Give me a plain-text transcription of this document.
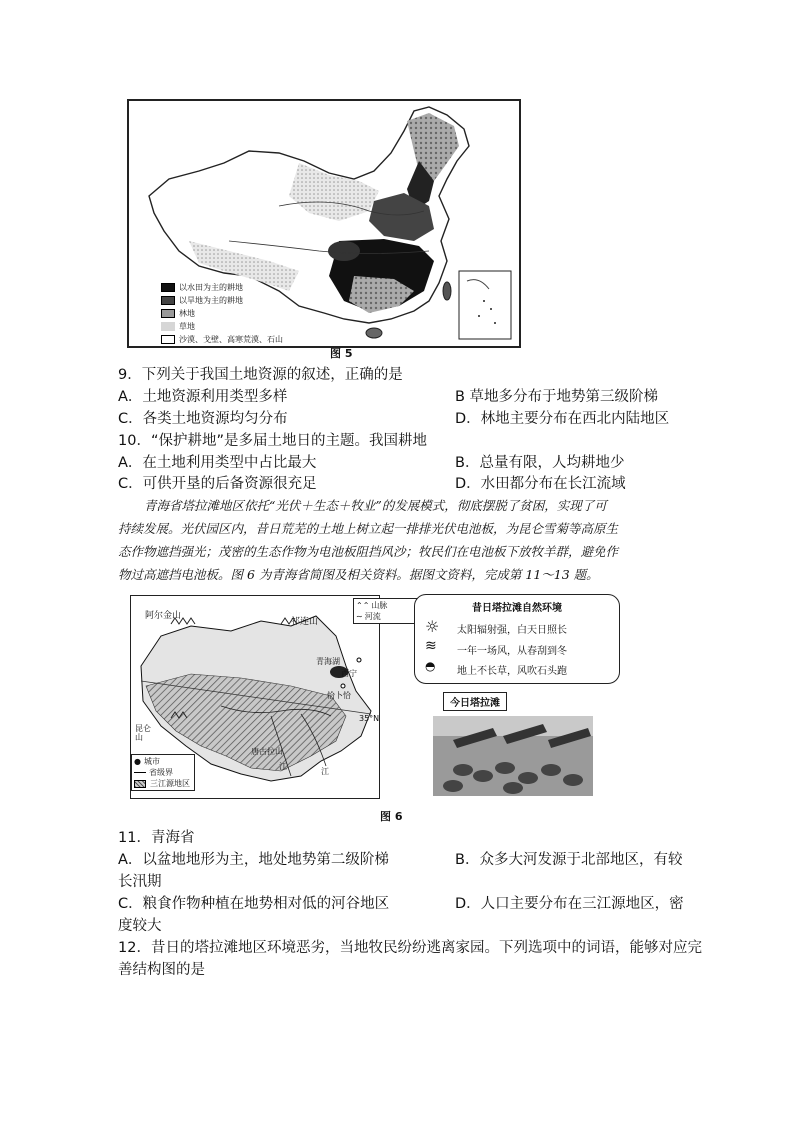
以水田为主的耕地
以旱地为主的耕地
林地
草地
沙漠、戈壁、高寒荒漠、石山
图 5
9．下列关于我国土地资源的叙述，正确的是
A．土地资源利用类型多样	B 草地多分布于地势第三级阶梯
C．各类土地资源均匀分布	D．林地主要分布在西北内陆地区
10．“保护耕地”是多届土地日的主题。我国耕地
A．在土地利用类型中占比最大	B．总量有限，人均耕地少
C．可供开垦的后备资源很充足	D．水田都分布在长江流域
青海省塔拉滩地区依托“光伏＋生态＋牧业”的发展模式，彻底摆脱了贫困，实现了可
持续发展。光伏园区内，昔日荒芜的土地上树立起一排排光伏电池板，为昆仑雪菊等高原生
态作物遮挡强光；茂密的生态作物为电池板阻挡风沙；牧民们在电池板下放牧羊群，避免作
物过高遮挡电池板。图 6 为青海省简图及相关资料。据图文资料，完成第 11～13 题。
阿尔金山
祁连山
青海湖
西宁
恰卜恰
35°N
昆仑山
唐古拉山
江
江
⌃⌃ 山脉
∼ 河流
● 城市
省级界
三江源地区
昔日塔拉滩自然环境
☼
≋
◓
太阳辐射强，白天日照长
一年一场风，从春刮到冬
地上不长草，风吹石头跑
今日塔拉滩
图 6
11．青海省
A．以盆地地形为主，地处地势第二级阶梯	B．众多大河发源于北部地区，有较
长汛期
C．粮食作物种植在地势相对低的河谷地区	D．人口主要分布在三江源地区，密
度较大
12．昔日的塔拉滩地区环境恶劣，当地牧民纷纷逃离家园。下列选项中的词语，能够对应完
善结构图的是
